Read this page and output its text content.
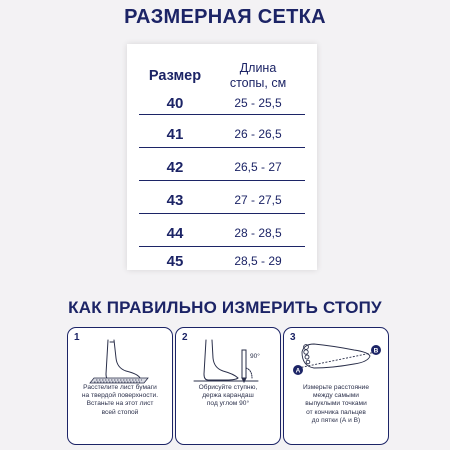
РАЗМЕРНАЯ СЕТКА
Размер	Длина
стопы, см
40	25 - 25,5
41	26 - 26,5
42	26,5 - 27
43	27 - 27,5
44	28 - 28,5
45	28,5 - 29
КАК ПРАВИЛЬНО ИЗМЕРИТЬ СТОПУ
1
Расстелите лист бумаги
на твердой поверхности.
Встаньте на этот лист
всей стопой
2
90°
Обрисуйте ступню,
держа карандаш
под углом 90°
3
A
B
Измерьте расстояние
между самыми
выпуклыми точками
от кончика пальцев
до пятки (А и В)
